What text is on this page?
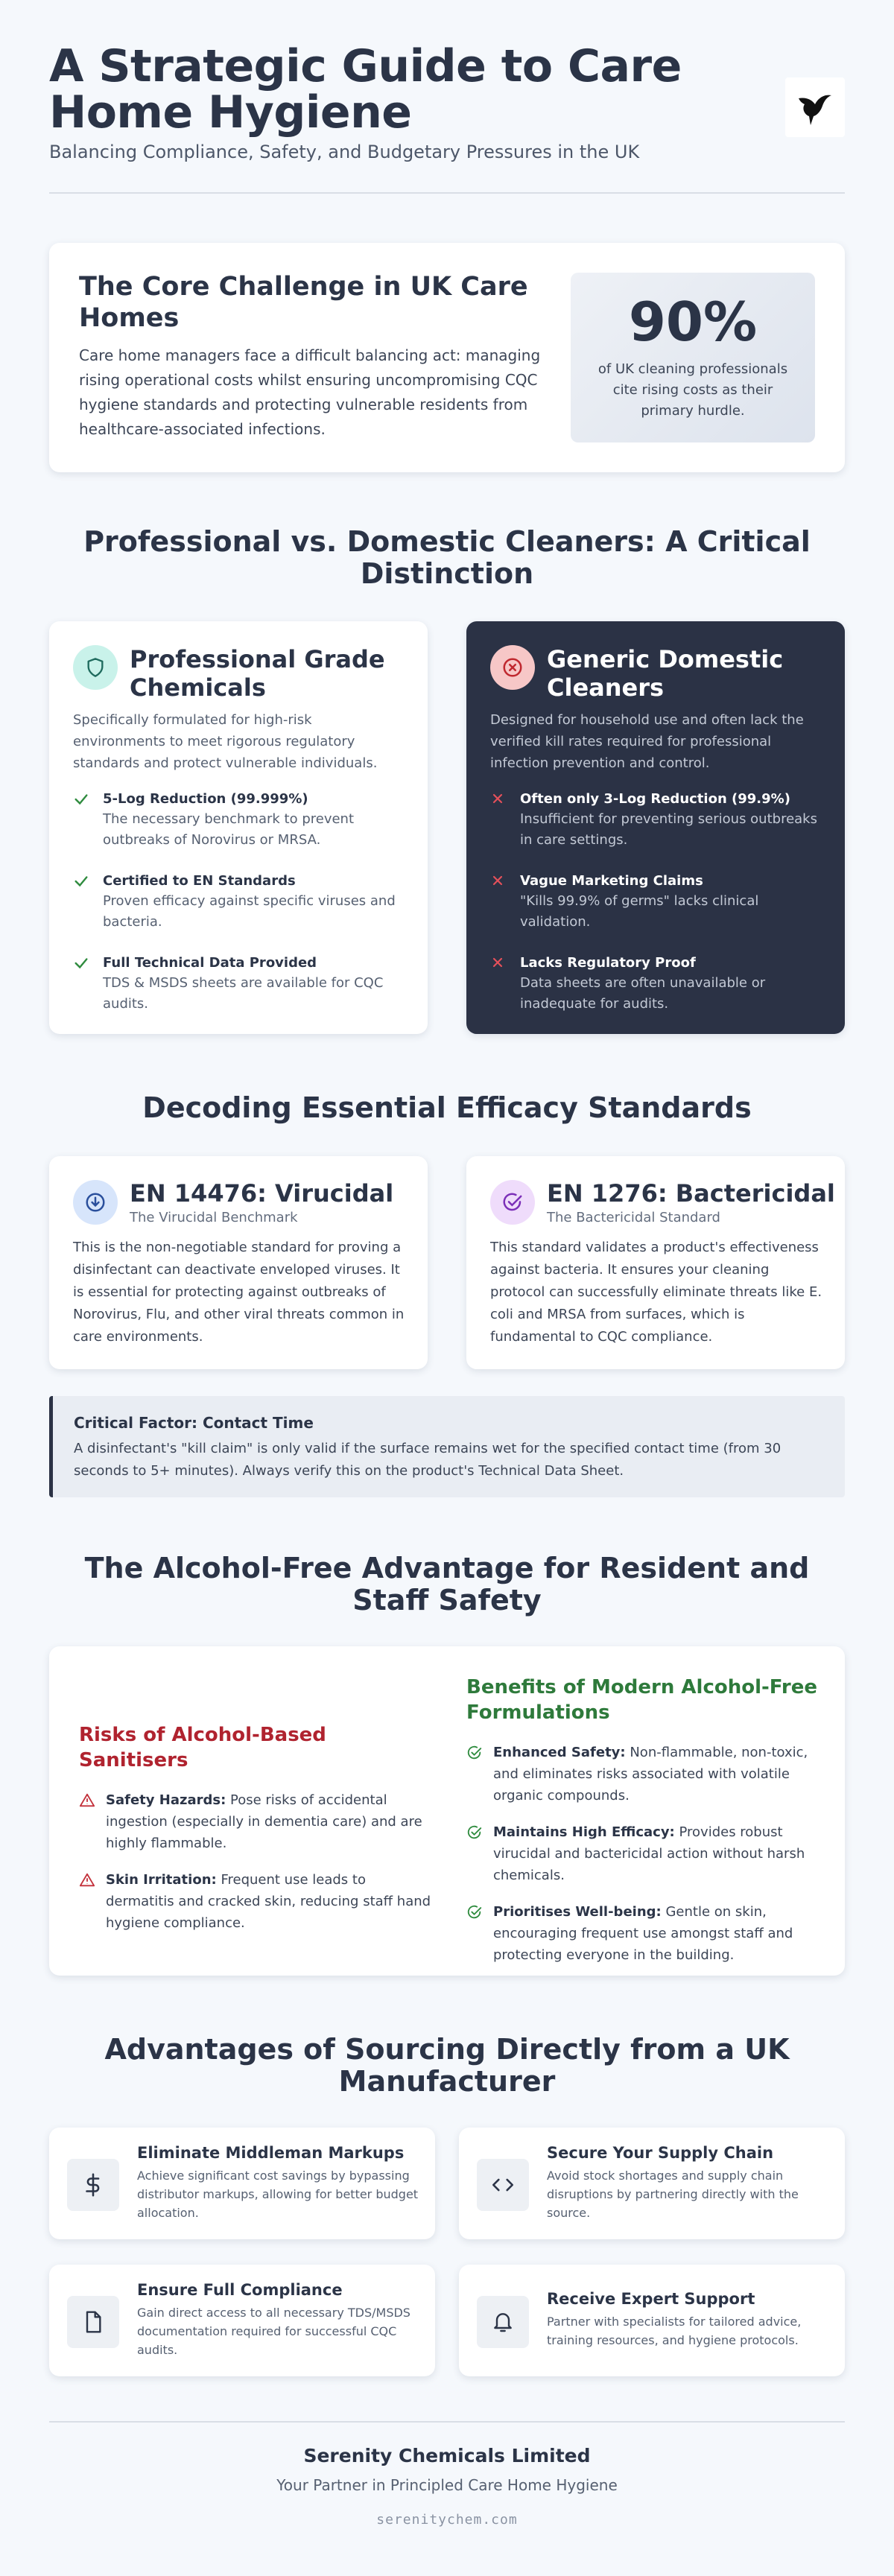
A Strategic Guide to Care Home Hygiene
Balancing Compliance, Safety, and Budgetary Pressures in the UK
The Core Challenge in UK Care Homes

Care home managers face a difficult balancing act: managing rising operational costs whilst ensuring uncompromising CQC hygiene standards and protecting vulnerable residents from healthcare-associated infections.

90%
of UK cleaning professionals cite rising costs as their primary hurdle.
Professional vs. Domestic Cleaners: A Critical Distinction
Professional Grade Chemicals
Specifically formulated for high-risk environments to meet rigorous regulatory standards and protect vulnerable individuals.
5-Log Reduction (99.999%)
The necessary benchmark to prevent outbreaks of Norovirus or MRSA.
Certified to EN Standards
Proven efficacy against specific viruses and bacteria.
Full Technical Data Provided
TDS & MSDS sheets are available for CQC audits.
Generic Domestic Cleaners
Designed for household use and often lack the verified kill rates required for professional infection prevention and control.
Often only 3-Log Reduction (99.9%)
Insufficient for preventing serious outbreaks in care settings.
Vague Marketing Claims
"Kills 99.9% of germs" lacks clinical validation.
Lacks Regulatory Proof
Data sheets are often unavailable or inadequate for audits.
Decoding Essential Efficacy Standards
EN 14476: Virucidal
The Virucidal Benchmark

This is the non-negotiable standard for proving a disinfectant can deactivate enveloped viruses. It is essential for protecting against outbreaks of Norovirus, Flu, and other viral threats common in care environments.

EN 1276: Bactericidal
The Bactericidal Standard

This standard validates a product's effectiveness against bacteria. It ensures your cleaning protocol can successfully eliminate threats like E. coli and MRSA from surfaces, which is fundamental to CQC compliance.

Critical Factor: Contact Time
A disinfectant's "kill claim" is only valid if the surface remains wet for the specified contact time (from 30 seconds to 5+ minutes). Always verify this on the product's Technical Data Sheet.
The Alcohol-Free Advantage for Resident and Staff Safety
Risks of Alcohol-Based Sanitisers
Safety Hazards: Pose risks of accidental ingestion (especially in dementia care) and are highly flammable.
Skin Irritation: Frequent use leads to dermatitis and cracked skin, reducing staff hand hygiene compliance.
Benefits of Modern Alcohol-Free Formulations
Enhanced Safety: Non-flammable, non-toxic, and eliminates risks associated with volatile organic compounds.
Maintains High Efficacy: Provides robust virucidal and bactericidal action without harsh chemicals.
Prioritises Well-being: Gentle on skin, encouraging frequent use amongst staff and protecting everyone in the building.
Advantages of Sourcing Directly from a UK Manufacturer
Eliminate Middleman Markups
Achieve significant cost savings by bypassing distributor markups, allowing for better budget allocation.
Secure Your Supply Chain
Avoid stock shortages and supply chain disruptions by partnering directly with the source.
Ensure Full Compliance
Gain direct access to all necessary TDS/MSDS documentation required for successful CQC audits.
Receive Expert Support
Partner with specialists for tailored advice, training resources, and hygiene protocols.
Serenity Chemicals Limited
Your Partner in Principled Care Home Hygiene
serenitychem.com
